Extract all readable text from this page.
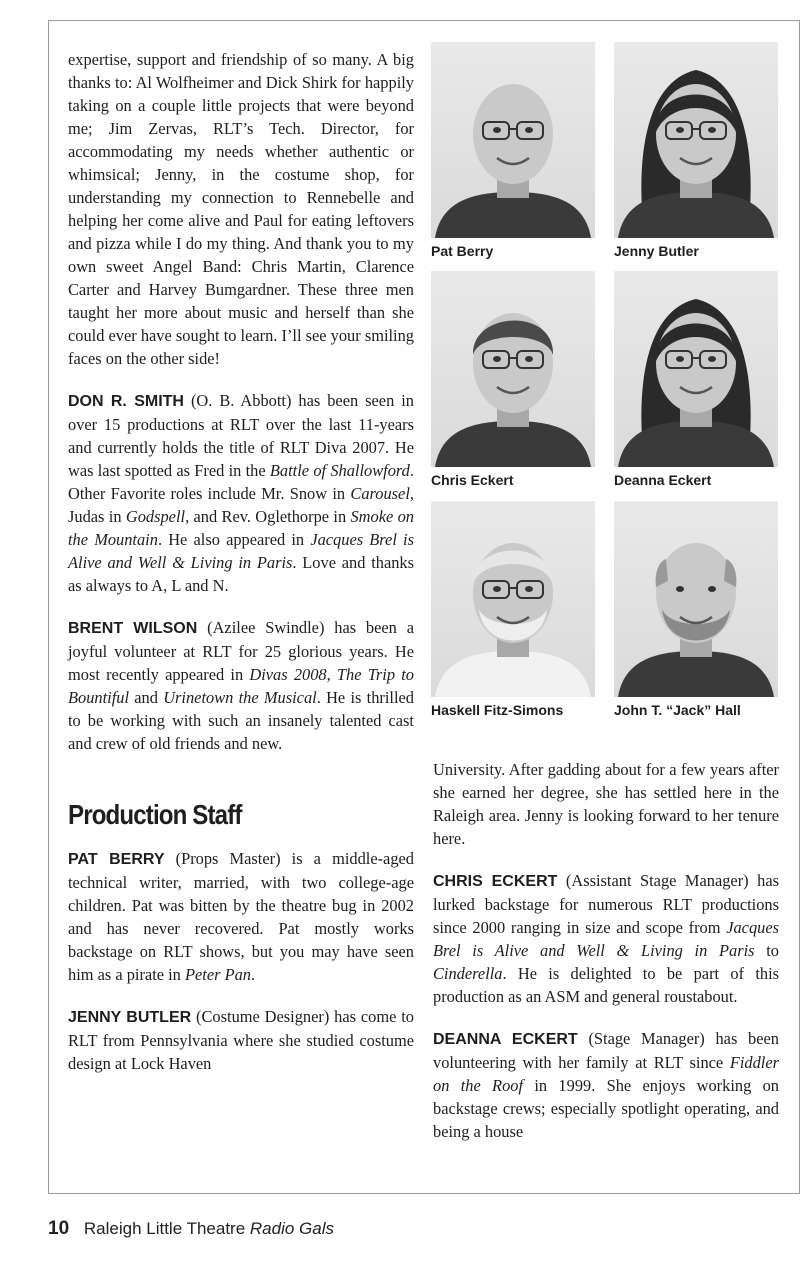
expertise, support and friendship of so many. A big thanks to: Al Wolfheimer and Dick Shirk for happily taking on a couple little projects that were beyond me; Jim Zervas, RLT’s Tech. Director, for accommodating my needs whether authentic or whimsical; Jenny, in the costume shop, for understanding my connection to Rennebelle and helping her come alive and Paul for eating leftovers and pizza while I do my thing. And thank you to my own sweet Angel Band: Chris Martin, Clarence Carter and Harvey Bumgardner. These three men taught her more about music and herself than she could ever have sought to learn. I’ll see your smiling faces on the other side!

DON R. SMITH (O. B. Abbott) has been seen in over 15 productions at RLT over the last 11-years and currently holds the title of RLT Diva 2007. He was last spotted as Fred in the Battle of Shallowford. Other Favorite roles include Mr. Snow in Carousel, Judas in Godspell, and Rev. Oglethorpe in Smoke on the Mountain. He also appeared in Jacques Brel is Alive and Well & Living in Paris. Love and thanks as always to A, L and N.

BRENT WILSON (Azilee Swindle) has been a joyful volunteer at RLT for 25 glorious years. He most recently appeared in Divas 2008, The Trip to Bountiful and Urinetown the Musical. He is thrilled to be working with such an insanely talented cast and crew of old friends and new.

Production Staff

PAT BERRY (Props Master) is a middle-aged technical writer, married, with two college-age children. Pat was bitten by the theatre bug in 2002 and has never recovered. Pat mostly works backstage on RLT shows, but you may have seen him as a pirate in Peter Pan.

JENNY BUTLER (Costume Designer) has come to RLT from Pennsylvania where she studied costume design at Lock Haven

Pat Berry	Jenny Butler
Chris Eckert	Deanna Eckert
Haskell Fitz-Simons	John T. “Jack” Hall

University. After gadding about for a few years after she earned her degree, she has settled here in the Raleigh area. Jenny is looking forward to her tenure here.

CHRIS ECKERT (Assistant Stage Manager) has lurked backstage for numerous RLT productions since 2000 ranging in size and scope from Jacques Brel is Alive and Well & Living in Paris to Cinderella. He is delighted to be part of this production as an ASM and general roustabout.

DEANNA ECKERT (Stage Manager) has been volunteering with her family at RLT since Fiddler on the Roof in 1999. She enjoys working on backstage crews; especially spotlight operating, and being a house

10 Raleigh Little Theatre Radio Gals
